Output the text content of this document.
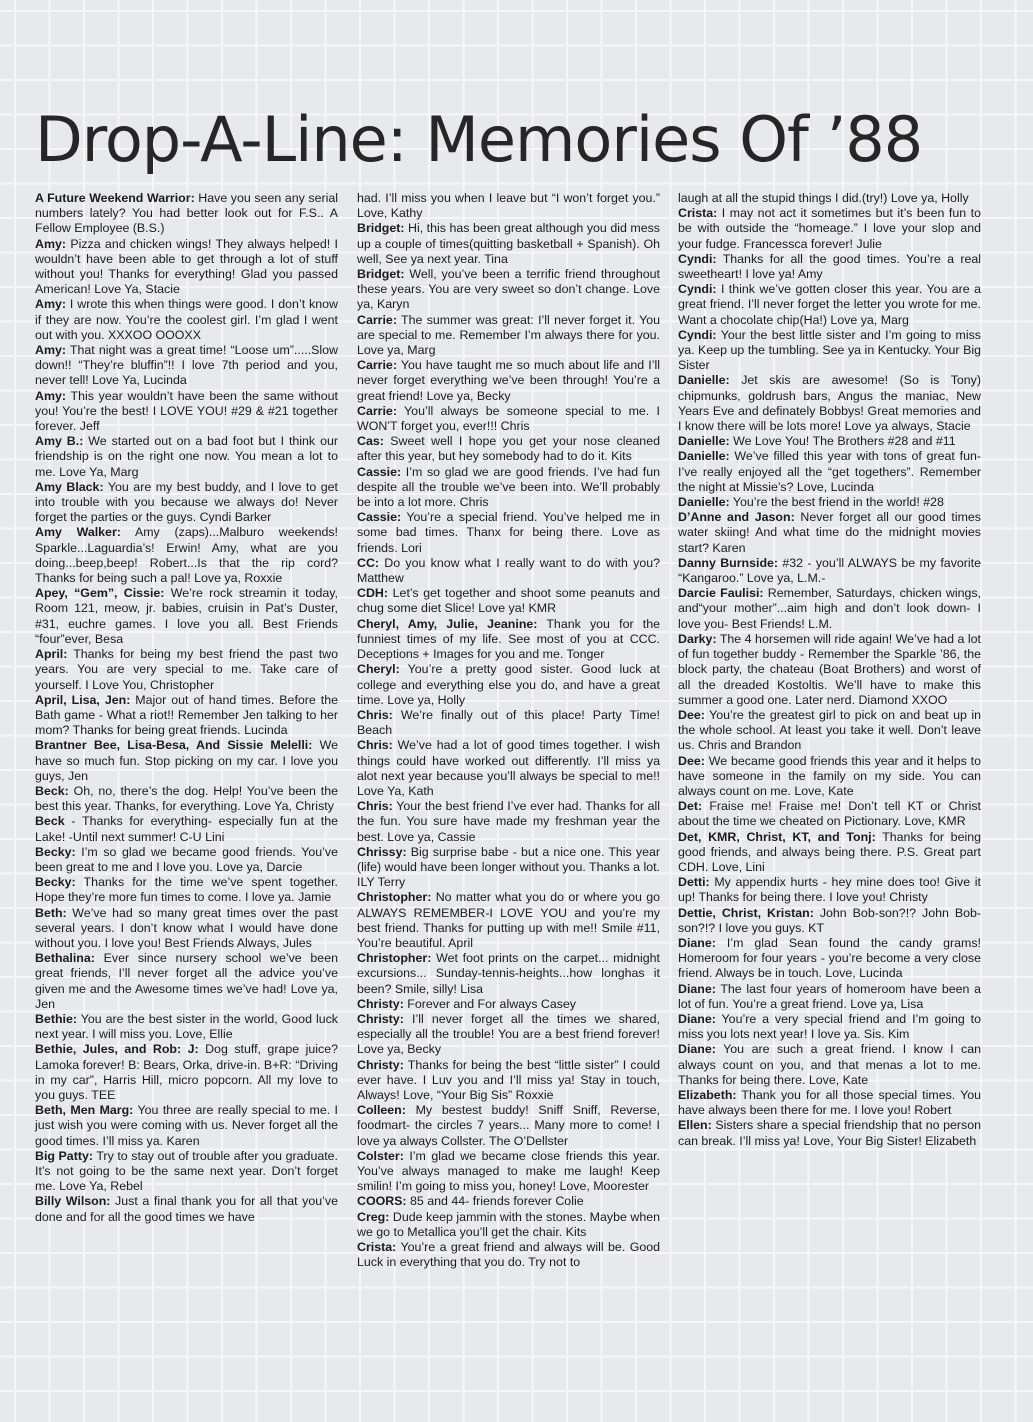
Drop-A-Line: Memories Of ’88

A Future Weekend Warrior: Have you seen any serial numbers lately? You had better look out for F.S.. A Fellow Employee (B.S.)

Amy: Pizza and chicken wings! They always helped! I wouldn’t have been able to get through a lot of stuff without you! Thanks for everything! Glad you passed American! Love Ya, Stacie

Amy: I wrote this when things were good. I don’t know if they are now. You’re the coolest girl. I’m glad I went out with you. XXXOO OOOXX

Amy: That night was a great time! “Loose um”.....Slow down!! “They’re bluffin”!! I love 7th period and you, never tell! Love Ya, Lucinda

Amy: This year wouldn’t have been the same without you! You’re the best! I LOVE YOU! #29 & #21 together forever. Jeff

Amy B.: We started out on a bad foot but I think our friendship is on the right one now. You mean a lot to me. Love Ya, Marg

Amy Black: You are my best buddy, and I love to get into trouble with you because we always do! Never forget the parties or the guys. Cyndi Barker

Amy Walker: Amy (zaps)...Malburo weekends! Sparkle...Laguardia’s! Erwin! Amy, what are you doing...beep,beep! Robert...Is that the rip cord? Thanks for being such a pal! Love ya, Roxxie

Apey, “Gem”, Cissie: We’re rock streamin it today, Room 121, meow, jr. babies, cruisin in Pat’s Duster, #31, euchre games. I love you all. Best Friends “four”ever, Besa

April: Thanks for being my best friend the past two years. You are very special to me. Take care of yourself. I Love You, Christopher

April, Lisa, Jen: Major out of hand times. Before the Bath game - What a riot!! Remember Jen talking to her mom? Thanks for being great friends. Lucinda

Brantner Bee, Lisa-Besa, And Sissie Melelli: We have so much fun. Stop picking on my car. I love you guys, Jen

Beck: Oh, no, there’s the dog. Help! You’ve been the best this year. Thanks, for everything. Love Ya, Christy

Beck - Thanks for everything- especially fun at the Lake! -Until next summer! C-U Lini

Becky: I’m so glad we became good friends. You’ve been great to me and I love you. Love ya, Darcie

Becky: Thanks for the time we’ve spent together. Hope they’re more fun times to come. I love ya. Jamie

Beth: We’ve had so many great times over the past several years. I don’t know what I would have done without you. I love you! Best Friends Always, Jules

Bethalina: Ever since nursery school we’ve been great friends, I’ll never forget all the advice you’ve given me and the Awesome times we’ve had! Love ya, Jen

Bethie: You are the best sister in the world, Good luck next year. I will miss you. Love, Ellie

Bethie, Jules, and Rob: J: Dog stuff, grape juice? Lamoka forever! B: Bears, Orka, drive-in. B+R: “Driving in my car”, Harris Hill, micro popcorn. All my love to you guys. TEE

Beth, Men Marg: You three are really special to me. I just wish you were coming with us. Never forget all the good times. I’ll miss ya. Karen

Big Patty: Try to stay out of trouble after you graduate. It’s not going to be the same next year. Don’t forget me. Love Ya, Rebel

Billy Wilson: Just a final thank you for all that you’ve done and for all the good times we have

had. I’ll miss you when I leave but “I won’t forget you.” Love, Kathy

Bridget: Hi, this has been great although you did mess up a couple of times(quitting basketball + Spanish). Oh well, See ya next year. Tina

Bridget: Well, you’ve been a terrific friend throughout these years. You are very sweet so don’t change. Love ya, Karyn

Carrie: The summer was great: I’ll never forget it. You are special to me. Remember I’m always there for you. Love ya, Marg

Carrie: You have taught me so much about life and I’ll never forget everything we’ve been through! You’re a great friend! Love ya, Becky

Carrie: You’ll always be someone special to me. I WON’T forget you, ever!!! Chris

Cas: Sweet well I hope you get your nose cleaned after this year, but hey somebody had to do it. Kits

Cassie: I’m so glad we are good friends. I’ve had fun despite all the trouble we’ve been into. We’ll probably be into a lot more. Chris

Cassie: You’re a special friend. You’ve helped me in some bad times. Thanx for being there. Love as friends. Lori

CC: Do you know what I really want to do with you? Matthew

CDH: Let’s get together and shoot some peanuts and chug some diet Slice! Love ya! KMR

Cheryl, Amy, Julie, Jeanine: Thank you for the funniest times of my life. See most of you at CCC. Deceptions + Images for you and me. Tonger

Cheryl: You’re a pretty good sister. Good luck at college and everything else you do, and have a great time. Love ya, Holly

Chris: We’re finally out of this place! Party Time! Beach

Chris: We’ve had a lot of good times together. I wish things could have worked out differently. I’ll miss ya alot next year because you’ll always be special to me!! Love Ya, Kath

Chris: Your the best friend I’ve ever had. Thanks for all the fun. You sure have made my freshman year the best. Love ya, Cassie

Chrissy: Big surprise babe - but a nice one. This year (life) would have been longer without you. Thanks a lot. ILY Terry

Christopher: No matter what you do or where you go ALWAYS REMEMBER-I LOVE YOU and you’re my best friend. Thanks for putting up with me!! Smile #11, You’re beautiful. April

Christopher: Wet foot prints on the carpet... midnight excursions... Sunday-tennis-heights...how longhas it been? Smile, silly! Lisa

Christy: Forever and For always Casey

Christy: I’ll never forget all the times we shared, especially all the trouble! You are a best friend forever! Love ya, Becky

Christy: Thanks for being the best “little sister” I could ever have. I Luv you and I’ll miss ya! Stay in touch, Always! Love, “Your Big Sis” Roxxie

Colleen: My bestest buddy! Sniff Sniff, Reverse, foodmart- the circles 7 years... Many more to come! I love ya always Collster. The O’Dellster

Colster: I’m glad we became close friends this year. You’ve always managed to make me laugh! Keep smilin! I’m going to miss you, honey! Love, Moorester

COORS: 85 and 44- friends forever Colie

Creg: Dude keep jammin with the stones. Maybe when we go to Metallica you’ll get the chair. Kits

Crista: You’re a great friend and always will be. Good Luck in everything that you do. Try not to

laugh at all the stupid things I did.(try!) Love ya, Holly

Crista: I may not act it sometimes but it’s been fun to be with outside the “homeage.” I love your slop and your fudge. Francessca forever! Julie

Cyndi: Thanks for all the good times. You’re a real sweetheart! I love ya! Amy

Cyndi: I think we’ve gotten closer this year. You are a great friend. I’ll never forget the letter you wrote for me. Want a chocolate chip(Ha!) Love ya, Marg

Cyndi: Your the best little sister and I’m going to miss ya. Keep up the tumbling. See ya in Kentucky. Your Big Sister

Danielle: Jet skis are awesome! (So is Tony) chipmunks, goldrush bars, Angus the maniac, New Years Eve and definately Bobbys! Great memories and I know there will be lots more! Love ya always, Stacie

Danielle: We Love You! The Brothers #28 and #11

Danielle: We’ve filled this year with tons of great fun- I’ve really enjoyed all the “get togethers”. Remember the night at Missie’s? Love, Lucinda

Danielle: You’re the best friend in the world! #28

D’Anne and Jason: Never forget all our good times water skiing! And what time do the midnight movies start? Karen

Danny Burnside: #32 - you’ll ALWAYS be my favorite “Kangaroo.” Love ya, L.M.-

Darcie Faulisi: Remember, Saturdays, chicken wings, and“your mother”...aim high and don’t look down- I love you- Best Friends! L.M.

Darky: The 4 horsemen will ride again! We’ve had a lot of fun together buddy - Remember the Sparkle ’86, the block party, the chateau (Boat Brothers) and worst of all the dreaded Kostoltis. We’ll have to make this summer a good one. Later nerd. Diamond XXOO

Dee: You’re the greatest girl to pick on and beat up in the whole school. At least you take it well. Don’t leave us. Chris and Brandon

Dee: We became good friends this year and it helps to have someone in the family on my side. You can always count on me. Love, Kate

Det: Fraise me! Fraise me! Don’t tell KT or Christ about the time we cheated on Pictionary. Love, KMR

Det, KMR, Christ, KT, and Tonj: Thanks for being good friends, and always being there. P.S. Great part CDH. Love, Lini

Detti: My appendix hurts - hey mine does too! Give it up! Thanks for being there. I love you! Christy

Dettie, Christ, Kristan: John Bob-son?!? John Bob-son?!? I love you guys. KT

Diane: I’m glad Sean found the candy grams! Homeroom for four years - you’re become a very close friend. Always be in touch. Love, Lucinda

Diane: The last four years of homeroom have been a lot of fun. You’re a great friend. Love ya, Lisa

Diane: You’re a very special friend and I’m going to miss you lots next year! I love ya. Sis. Kim

Diane: You are such a great friend. I know I can always count on you, and that menas a lot to me. Thanks for being there. Love, Kate

Elizabeth: Thank you for all those special times. You have always been there for me. I love you! Robert

Ellen: Sisters share a special friendship that no person can break. I’ll miss ya! Love, Your Big Sister! Elizabeth
